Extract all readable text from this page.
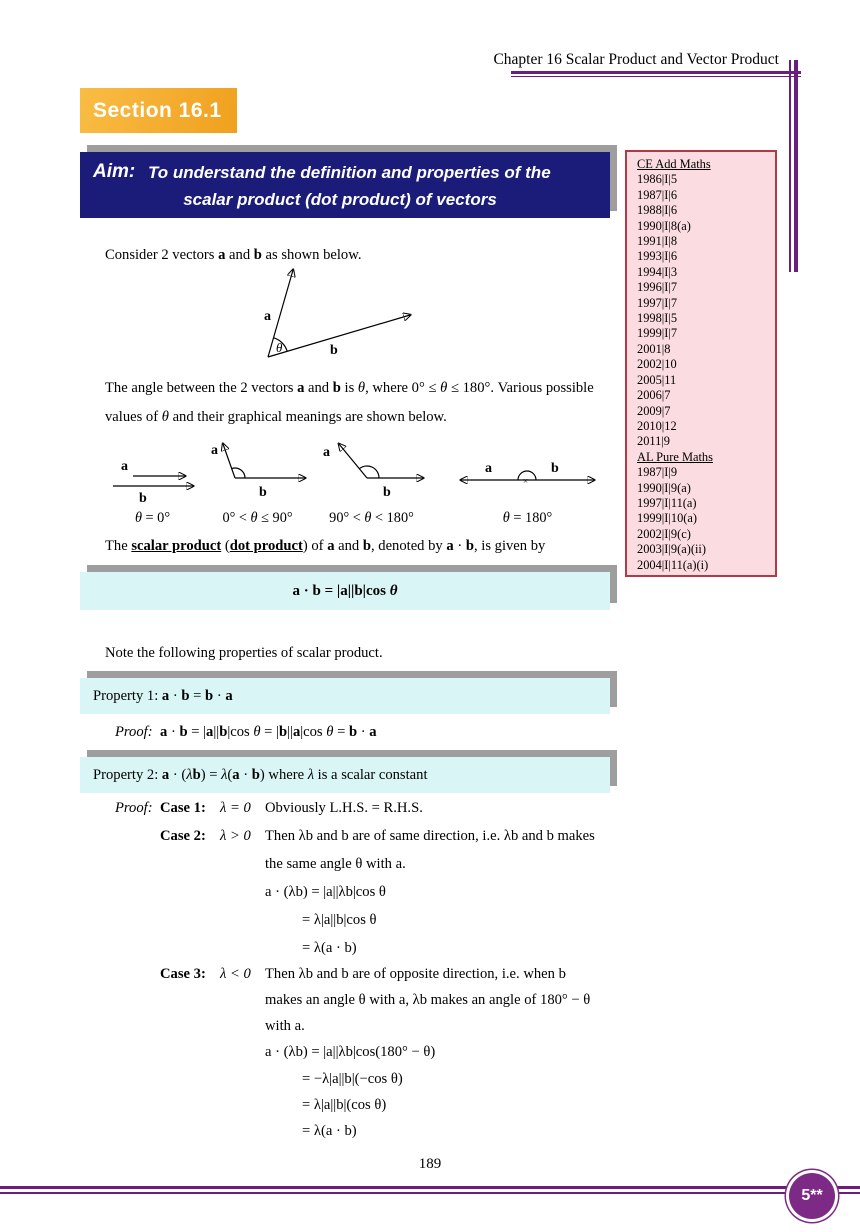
Chapter 16 Scalar Product and Vector Product
Section 16.1
Aim: To understand the definition and properties of the
scalar product (dot product) of vectors
CE Add Maths
1986|I|5
1987|I|6
1988|I|6
1990|I|8(a)
1991|I|8
1993|I|6
1994|I|3
1996|I|7
1997|I|7
1998|I|5
1999|I|7
2001|8
2002|10
2005|11
2006|7
2009|7
2010|12
2011|9
AL Pure Maths
1987|I|9
1990|I|9(a)
1997|I|11(a)
1999|I|10(a)
2002|I|9(c)
2003|I|9(a)(ii)
2004|I|11(a)(i)
Consider 2 vectors a and b as shown below.
a
b
θ
The angle between the 2 vectors a and b is θ, where 0° ≤ θ ≤ 180°. Various possible
values of θ and their graphical meanings are shown below.
a
b
θ = 0°
a
b
0° < θ ≤ 90°
a
b
90° < θ < 180°
a	b
×
θ = 180°
The scalar product (dot product) of a and b, denoted by a · b, is given by
a · b = |a||b|cos θ
Note the following properties of scalar product.
Property 1: a · b = b · a
Proof: a · b = |a||b|cos θ = |b||a|cos θ = b · a
Property 2: a · (λb) = λ(a · b) where λ is a scalar constant
Proof: Case 1: λ = 0 Obviously L.H.S. = R.H.S.
Case 2: λ > 0 Then λb and b are of same direction, i.e. λb and b makes
the same angle θ with a.
a · (λb) = |a||λb|cos θ
= λ|a||b|cos θ
= λ(a · b)
Case 3: λ < 0 Then λb and b are of opposite direction, i.e. when b
makes an angle θ with a, λb makes an angle of 180° − θ
with a.
a · (λb) = |a||λb|cos(180° − θ)
= −λ|a||b|(−cos θ)
= λ|a||b|(cos θ)
= λ(a · b)
189
5**
